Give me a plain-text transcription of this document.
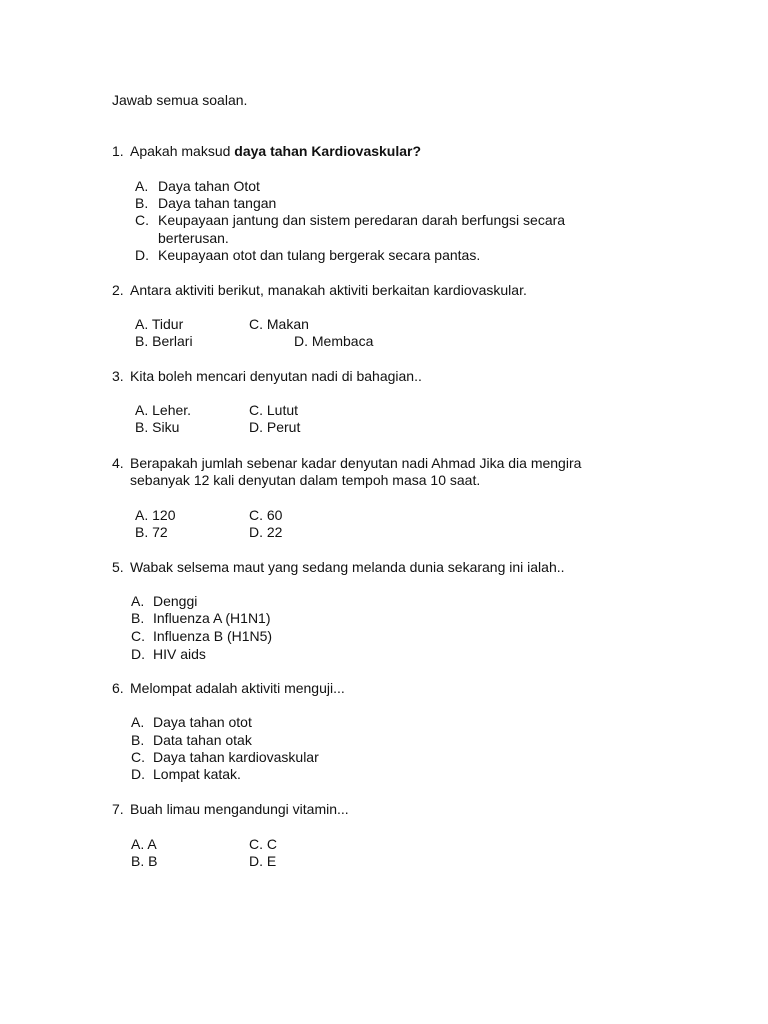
Jawab semua soalan.
1. Apakah maksud daya tahan Kardiovaskular?
A. Daya tahan Otot
B. Daya tahan tangan
C. Keupayaan jantung dan sistem peredaran darah berfungsi secara
berterusan.
D. Keupayaan otot dan tulang bergerak secara pantas.
2. Antara aktiviti berikut, manakah aktiviti berkaitan kardiovaskular.
A. Tidur	C. Makan
B. Berlari	D. Membaca
3. Kita boleh mencari denyutan nadi di bahagian..
A. Leher.	C. Lutut
B. Siku	D. Perut
4. Berapakah jumlah sebenar kadar denyutan nadi Ahmad Jika dia mengira
sebanyak 12 kali denyutan dalam tempoh masa 10 saat.
A. 120	C. 60
B. 72	D. 22
5. Wabak selsema maut yang sedang melanda dunia sekarang ini ialah..
A. Denggi
B. Influenza A (H1N1)
C. Influenza B (H1N5)
D. HIV aids
6. Melompat adalah aktiviti menguji...
A. Daya tahan otot
B. Data tahan otak
C. Daya tahan kardiovaskular
D. Lompat katak.
7. Buah limau mengandungi vitamin...
A. A	C. C
B. B	D. E
